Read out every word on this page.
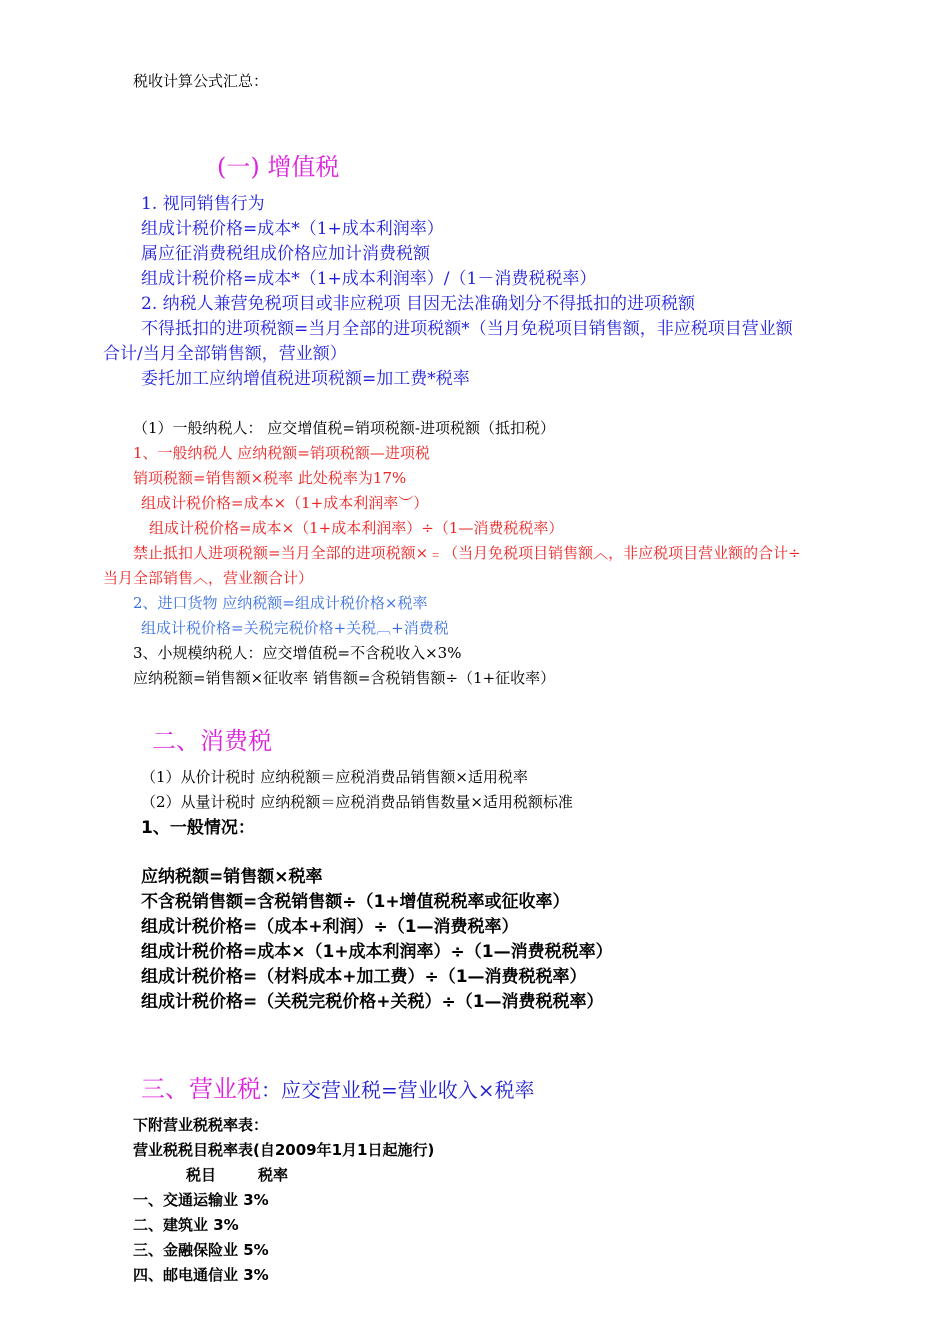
税收计算公式汇总：
(一) 增值税
1. 视同销售行为
组成计税价格=成本*（1+成本利润率）
属应征消费税组成价格应加计消费税额
组成计税价格=成本*（1+成本利润率）/（1－消费税税率）
2. 纳税人兼营免税项目或非应税项 目因无法准确划分不得抵扣的进项税额
不得抵扣的进项税额=当月全部的进项税额*（当月免税项目销售额，非应税项目营业额
合计/当月全部销售额，营业额）
委托加工应纳增值税进项税额=加工费*税率
（1）一般纳税人： 应交增值税=销项税额-进项税额（抵扣税）
1、一般纳税人 应纳税额=销项税额—进项税
销项税额=销售额×税率 此处税率为17%
组成计税价格=成本×（1+成本利润率︶）
组成计税价格=成本×（1+成本利润率）÷（1—消费税税率）
禁止抵扣人进项税额=当月全部的进项税额×﹦（当月免税项目销售额︿，非应税项目营业额的合计÷
当月全部销售︿，营业额合计）
2、进口货物 应纳税额=组成计税价格×税率
组成计税价格=关税完税价格+关税︹+消费税
3、小规模纳税人：应交增值税=不含税收入×3%
应纳税额=销售额×征收率 销售额=含税销售额÷（1+征收率）
二、消费税
（1）从价计税时 应纳税额＝应税消费品销售额×适用税率
（2）从量计税时 应纳税额＝应税消费品销售数量×适用税额标准
1、一般情况：
应纳税额=销售额×税率
不含税销售额=含税销售额÷（1+增值税税率或征收率）
组成计税价格=（成本+利润）÷（1—消费税率）
组成计税价格=成本×（1+成本利润率）÷（1—消费税税率）
组成计税价格=（材料成本+加工费）÷（1—消费税税率）
组成计税价格=（关税完税价格+关税）÷（1—消费税税率）
三、营业税：应交营业税=营业收入×税率
下附营业税税率表：
营业税税目税率表(自2009年1月1日起施行)
税目	税率
一、交通运输业 3%
二、建筑业 3%
三、金融保险业 5%
四、邮电通信业 3%
